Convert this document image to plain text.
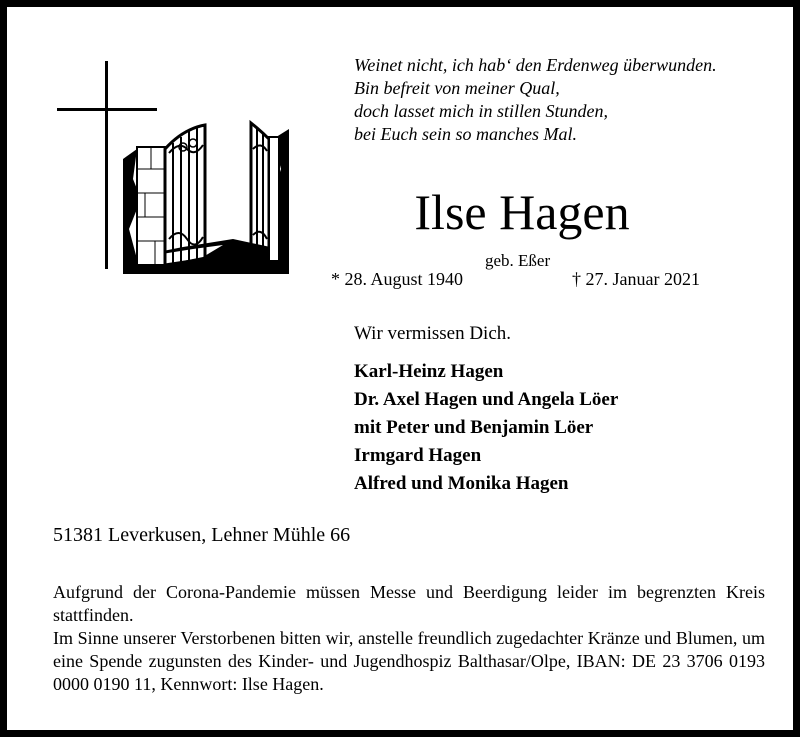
Weinet nicht, ich hab‘ den Erdenweg überwunden.
Bin befreit von meiner Qual,
doch lasset mich in stillen Stunden,
bei Euch sein so manches Mal.
Ilse Hagen
geb. Eßer
* 28. August 1940	† 27. Januar 2021
Wir vermissen Dich.
Karl-Heinz Hagen
Dr. Axel Hagen und Angela Löer
mit Peter und Benjamin Löer
Irmgard Hagen
Alfred und Monika Hagen
51381 Leverkusen, Lehner Mühle 66

Aufgrund der Corona-Pandemie müssen Messe und Beerdigung leider im begrenzten Kreis stattfinden.

Im Sinne unserer Verstorbenen bitten wir, anstelle freundlich zugedachter Kränze und Blumen, um eine Spende zugunsten des Kinder- und Jugendhospiz Balthasar/Olpe, IBAN: DE 23 3706 0193 0000 0190 11, Kennwort: Ilse Hagen.
